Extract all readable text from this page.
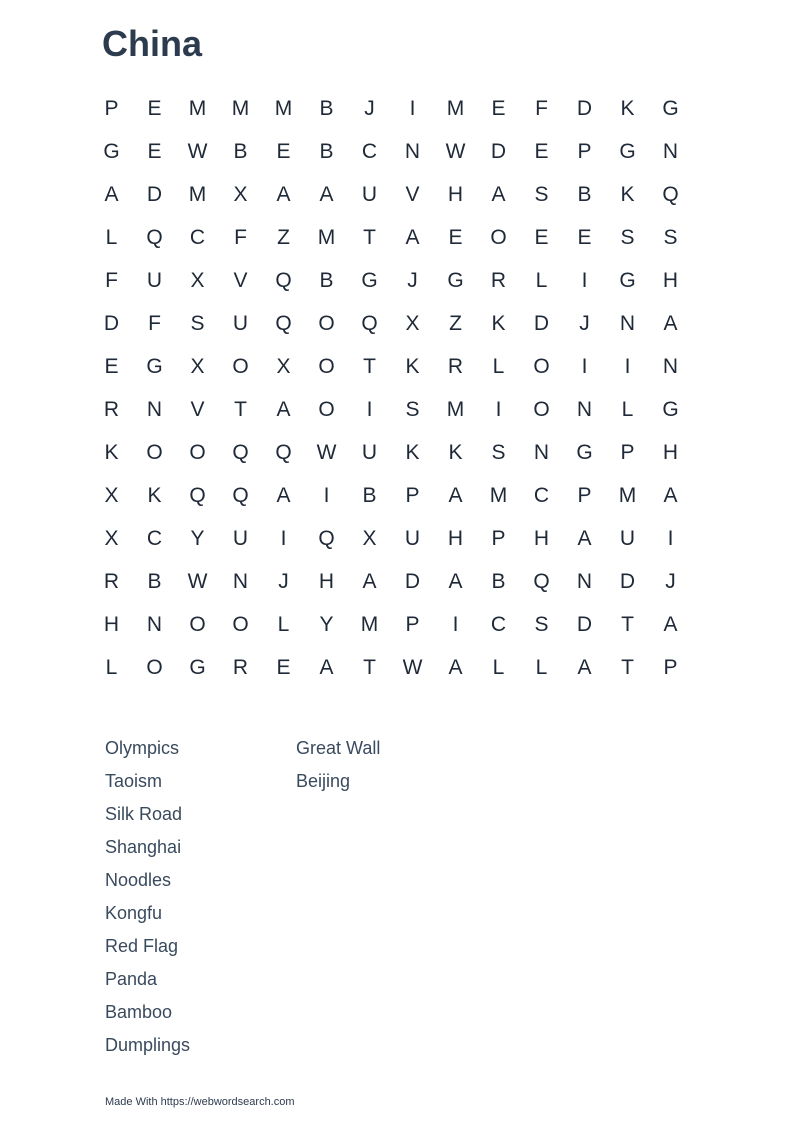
China
P	E	M	M	M	B	J	I	M	E	F	D	K	G
G	E	W	B	E	B	C	N	W	D	E	P	G	N
A	D	M	X	A	A	U	V	H	A	S	B	K	Q
L	Q	C	F	Z	M	T	A	E	O	E	E	S	S
F	U	X	V	Q	B	G	J	G	R	L	I	G	H
D	F	S	U	Q	O	Q	X	Z	K	D	J	N	A
E	G	X	O	X	O	T	K	R	L	O	I	I	N
R	N	V	T	A	O	I	S	M	I	O	N	L	G
K	O	O	Q	Q	W	U	K	K	S	N	G	P	H
X	K	Q	Q	A	I	B	P	A	M	C	P	M	A
X	C	Y	U	I	Q	X	U	H	P	H	A	U	I
R	B	W	N	J	H	A	D	A	B	Q	N	D	J
H	N	O	O	L	Y	M	P	I	C	S	D	T	A
L	O	G	R	E	A	T	W	A	L	L	A	T	P
Olympics
Taoism
Silk Road
Shanghai
Noodles
Kongfu
Red Flag
Panda
Bamboo
Dumplings
Great Wall
Beijing
Made With https://webwordsearch.com
